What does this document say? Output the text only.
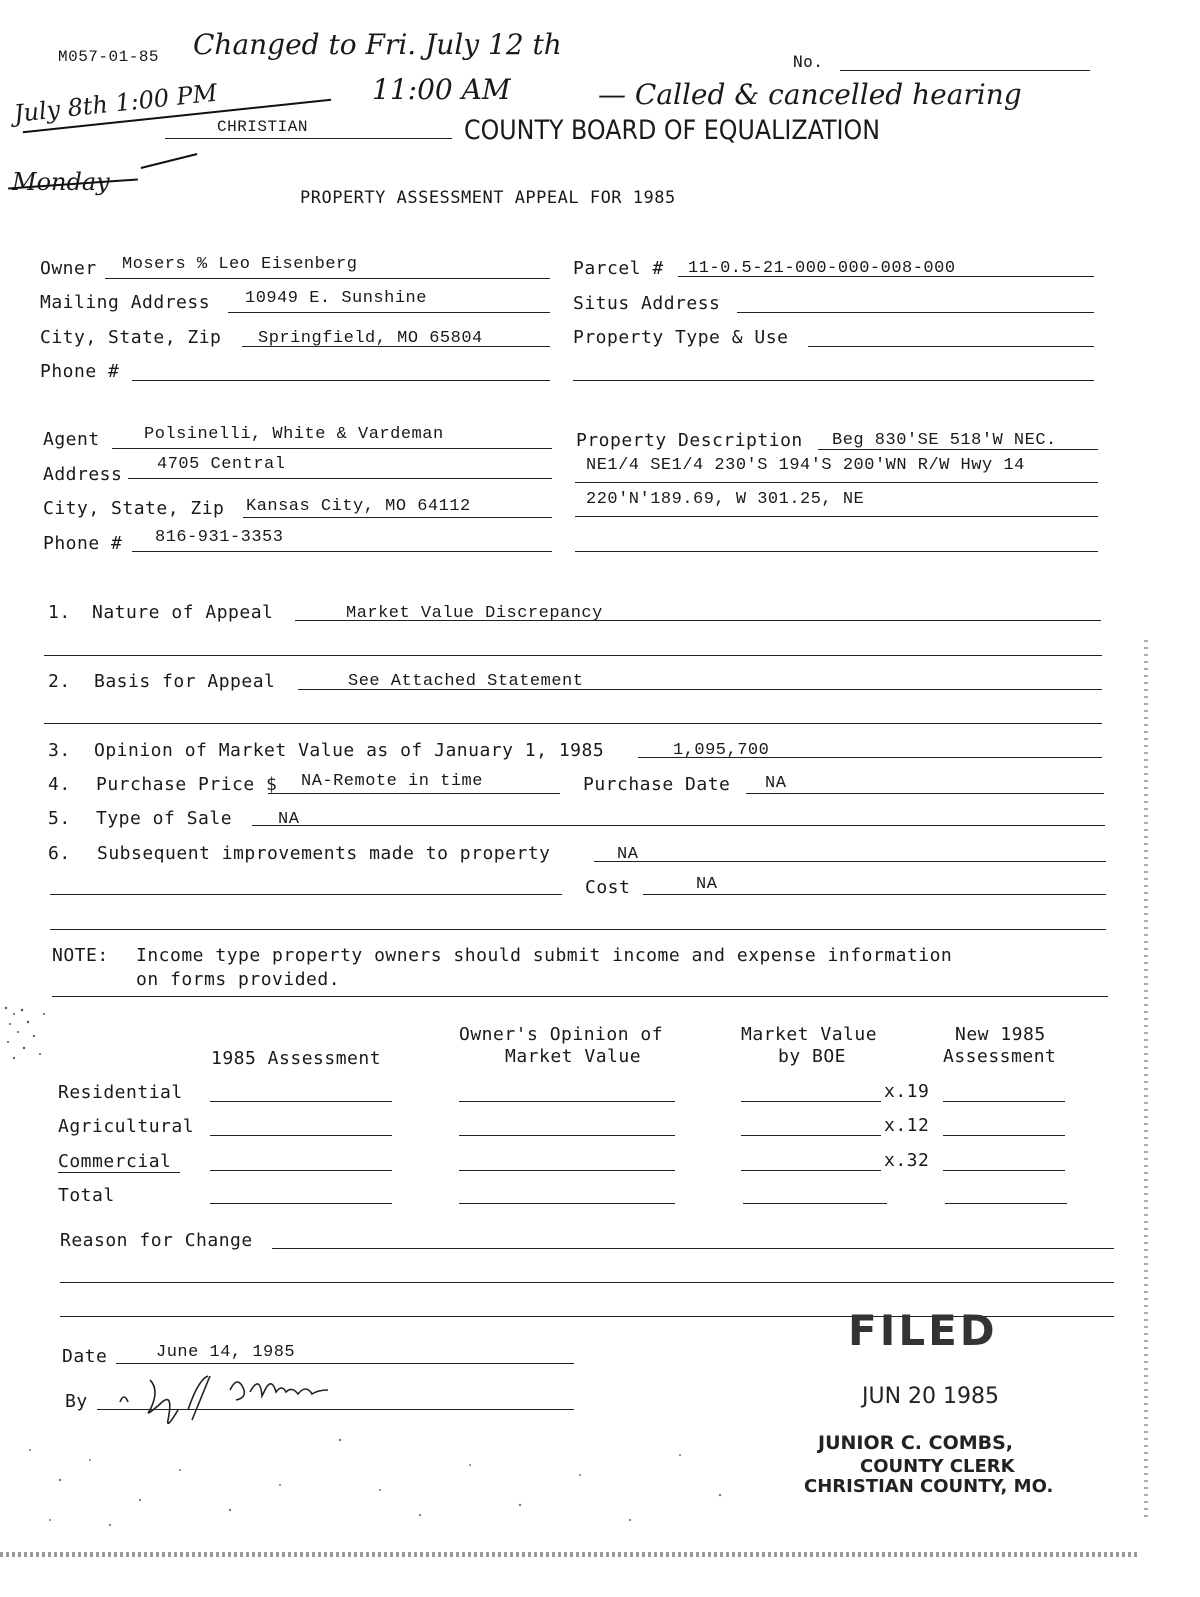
M057-01-85	No.
Changed to Fri. July 12 th
11:00 AM	— Called & cancelled hearing
July 8th 1:00 PM
Monday
CHRISTIAN	COUNTY BOARD OF EQUALIZATION
PROPERTY ASSESSMENT APPEAL FOR 1985
Owner Mosers % Leo Eisenberg
Mailing Address 10949 E. Sunshine
City, State, Zip Springfield, MO 65804
Phone #
Parcel # 11-0.5-21-000-000-008-000
Situs Address
Property Type & Use
Agent	Polsinelli, White & Vardeman
Address 4705 Central
City, State, Zip Kansas City, MO 64112
Phone # 816-931-3353
Property Description Beg 830'SE 518'W NEC.
NE1/4 SE1/4 230'S 194'S 200'WN R/W Hwy 14
220'N'189.69, W 301.25, NE
1. Nature of Appeal	Market Value Discrepancy
2. Basis for Appeal	See Attached Statement
3. Opinion of Market Value as of January 1, 1985	1,095,700
4. Purchase Price $ NA-Remote in time	Purchase Date NA
5. Type of Sale	NA
6. Subsequent improvements made to property	NA
Cost	NA
NOTE: Income type property owners should submit income and expense information
on forms provided.
1985 Assessment
Owner's Opinion of
Market Value
Market Value
by BOE
New 1985
Assessment
Residential	x.19
Agricultural	x.12
Commercial	x.32
Total
Reason for Change
Date	June 14, 1985
By
FILED
JUN 20 1985
JUNIOR C. COMBS,
COUNTY CLERK
CHRISTIAN COUNTY, MO.
